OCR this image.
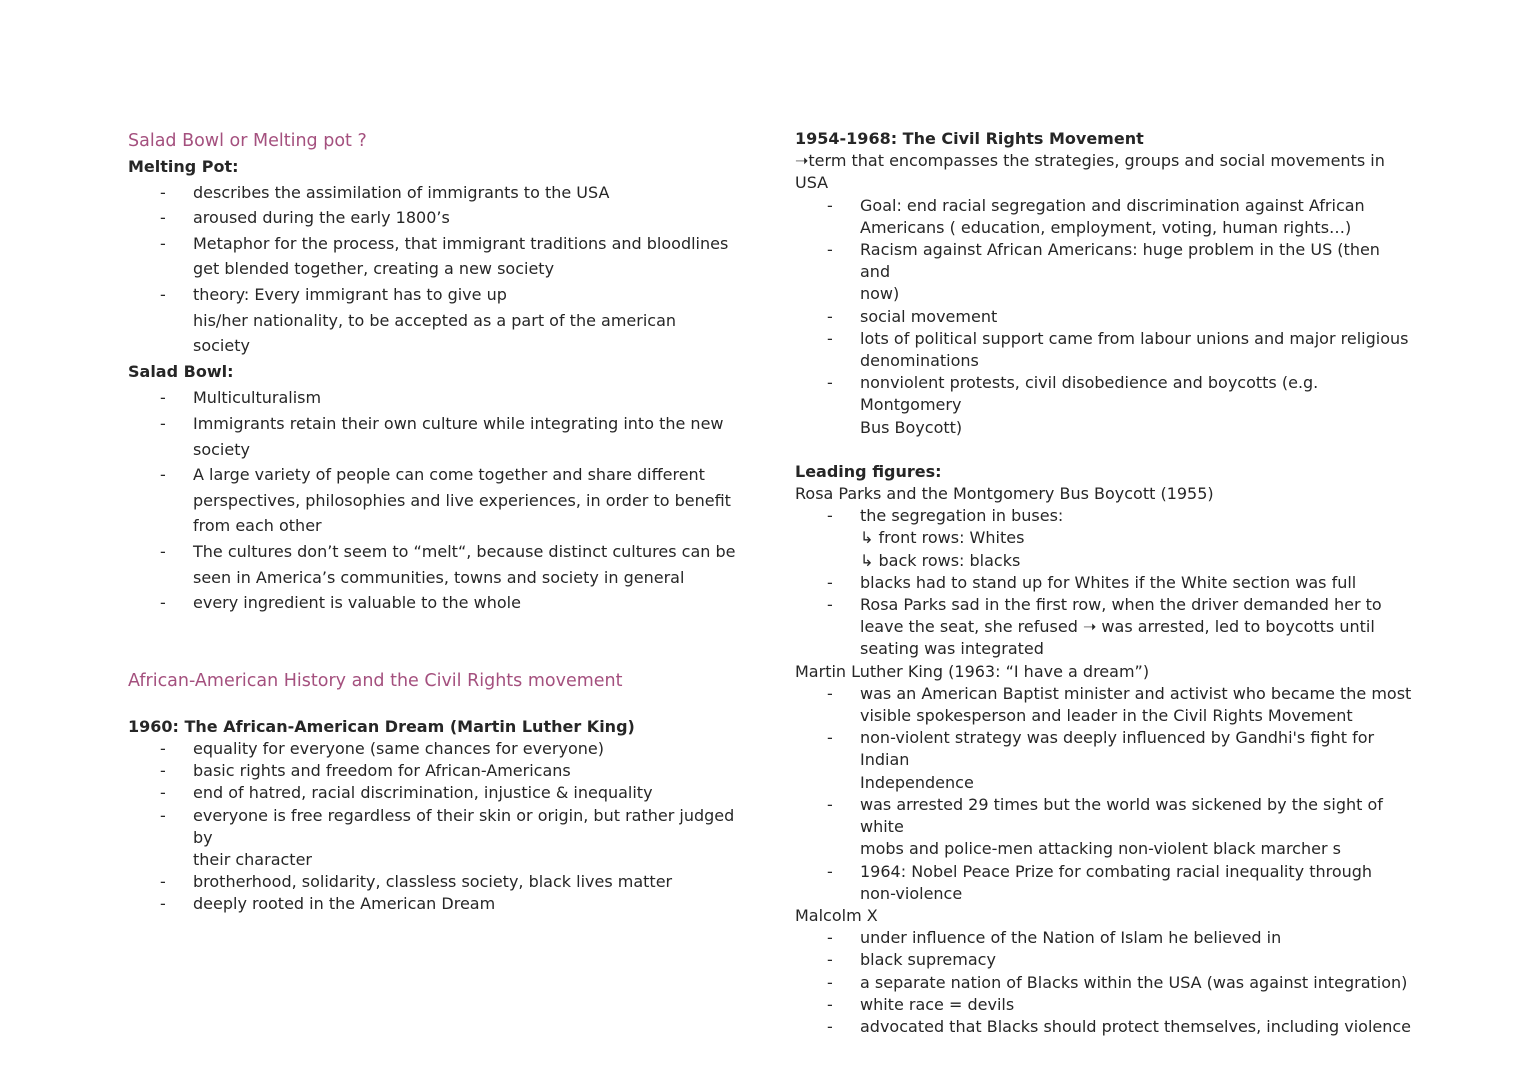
Salad Bowl or Melting pot ?
Melting Pot:
- describes the assimilation of immigrants to the USA
- aroused during the early 1800’s
- Metaphor for the process, that immigrant traditions and bloodlines
get blended together, creating a new society
- theory: Every immigrant has to give up
his/her nationality, to be accepted as a part of the american society
Salad Bowl:
- Multiculturalism
- Immigrants retain their own culture while integrating into the new
society
- A large variety of people can come together and share different
perspectives, philosophies and live experiences, in order to benefit
from each other
- The cultures don’t seem to “melt“, because distinct cultures can be
seen in America’s communities, towns and society in general
- every ingredient is valuable to the whole
African-American History and the Civil Rights movement
1960: The African-American Dream (Martin Luther King)
- equality for everyone (same chances for everyone)
- basic rights and freedom for African-Americans
- end of hatred, racial discrimination, injustice & inequality
- everyone is free regardless of their skin or origin, but rather judged by
their character
- brotherhood, solidarity, classless society, black lives matter
- deeply rooted in the American Dream
1954-1968: The Civil Rights Movement
➝term that encompasses the strategies, groups and social movements in USA
- Goal: end racial segregation and discrimination against African
Americans ( education, employment, voting, human rights…)
- Racism against African Americans: huge problem in the US (then and
now)
- social movement
- lots of political support came from labour unions and major religious
denominations
- nonviolent protests, civil disobedience and boycotts (e.g. Montgomery
Bus Boycott)
Leading figures:
Rosa Parks and the Montgomery Bus Boycott (1955)
- the segregation in buses:
↳ front rows: Whites
↳ back rows: blacks
- blacks had to stand up for Whites if the White section was full
- Rosa Parks sad in the first row, when the driver demanded her to
leave the seat, she refused ➝ was arrested, led to boycotts until
seating was integrated
Martin Luther King (1963: “I have a dream”)
- was an American Baptist minister and activist who became the most
visible spokesperson and leader in the Civil Rights Movement
- non-violent strategy was deeply influenced by Gandhi's fight for Indian
Independence
- was arrested 29 times but the world was sickened by the sight of white
mobs and police-men attacking non-violent black marcher s
- 1964: Nobel Peace Prize for combating racial inequality through
non-violence
Malcolm X
- under influence of the Nation of Islam he believed in
- black supremacy
- a separate nation of Blacks within the USA (was against integration)
- white race = devils
- advocated that Blacks should protect themselves, including violence
